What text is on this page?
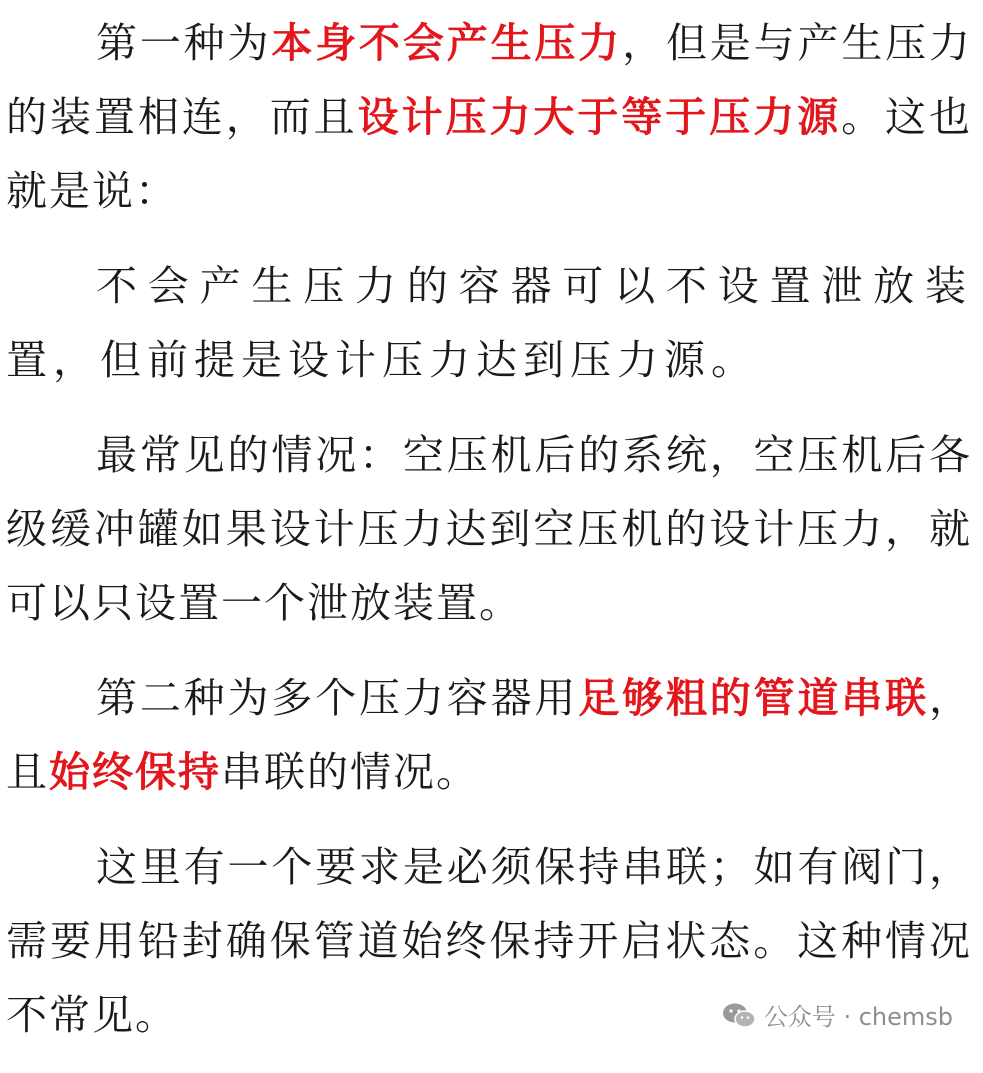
第一种为本身不会产生压力，但是与产生压力的装置相连，而且设计压力大于等于压力源。这也就是说：

不会产生压力的容器可以不设置泄放装置，但前提是设计压力达到压力源。

最常见的情况：空压机后的系统，空压机后各级缓冲罐如果设计压力达到空压机的设计压力，就可以只设置一个泄放装置。

第二种为多个压力容器用足够粗的管道串联，且始终保持串联的情况。

这里有一个要求是必须保持串联；如有阀门，需要用铅封确保管道始终保持开启状态。这种情况不常见。	公众号 · chemsb
